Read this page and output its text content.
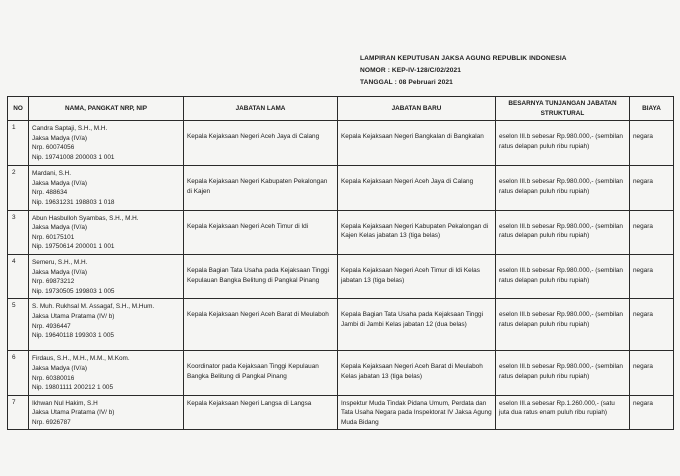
LAMPIRAN KEPUTUSAN JAKSA AGUNG REPUBLIK INDONESIA
NOMOR : KEP-IV-128/C/02/2021
TANGGAL : 08 Pebruari 2021
NO	NAMA, PANGKAT NRP, NIP	JABATAN LAMA	JABATAN BARU	BESARNYA TUNJANGAN JABATAN STRUKTURAL	BIAYA
1	Candra Saptaji, S.H., M.H.
Jaksa Madya (IV/a)
Nrp. 60074056
Nip. 19741008 200003 1 001	Kepala Kejaksaan Negeri Aceh Jaya di Calang	Kepala Kejaksaan Negeri Bangkalan di Bangkalan	eselon III.b sebesar Rp.980.000,- (sembilan ratus delapan puluh ribu rupiah)	negara

2	Mardani, S.H.
Jaksa Madya (IV/a)
Nrp. 488634
Nip. 19631231 198803 1 018	Kepala Kejaksaan Negeri Kabupaten Pekalongan di Kajen	Kepala Kejaksaan Negeri Aceh Jaya di Calang	eselon III.b sebesar Rp.980.000,- (sembilan ratus delapan puluh ribu rupiah)	negara

3	Abun Hasbulloh Syambas, S.H., M.H.
Jaksa Madya (IV/a)
Nrp. 60175101
Nip. 19750614 200001 1 001	Kepala Kejaksaan Negeri Aceh Timur di Idi	Kepala Kejaksaan Negeri Kabupaten Pekalongan di Kajen Kelas jabatan 13 (tiga belas)	eselon III.b sebesar Rp.980.000,- (sembilan ratus delapan puluh ribu rupiah)	negara

4	Semeru, S.H., M.H.
Jaksa Madya (IV/a)
Nrp. 69873212
Nip. 19730505 199803 1 005	Kepala Bagian Tata Usaha pada Kejaksaan Tinggi Kepulauan Bangka Belitung di Pangkal Pinang	Kepala Kejaksaan Negeri Aceh Timur di Idi Kelas jabatan 13 (tiga belas)	eselon III.b sebesar Rp.980.000,- (sembilan ratus delapan puluh ribu rupiah)	negara

5	S. Muh. Rukhsal M. Assagaf, S.H., M.Hum.
Jaksa Utama Pratama (IV/ b)
Nrp. 4936447
Nip. 19640118 199303 1 005	Kepala Kejaksaan Negeri Aceh Barat di Meulaboh	Kepala Bagian Tata Usaha pada Kejaksaan Tinggi Jambi di Jambi Kelas jabatan 12 (dua belas)	eselon III.b sebesar Rp.980.000,- (sembilan ratus delapan puluh ribu rupiah)	negara

6	Firdaus, S.H., M.H., M.M., M.Kom.
Jaksa Madya (IV/a)
Nrp. 60380016
Nip. 19801111 200212 1 005	Koordinator pada Kejaksaan Tinggi Kepulauan Bangka Belitung di Pangkal Pinang	Kepala Kejaksaan Negeri Aceh Barat di Meulaboh Kelas jabatan 13 (tiga belas)	eselon III.b sebesar Rp.980.000,- (sembilan ratus delapan puluh ribu rupiah)	negara

7	Ikhwan Nul Hakim, S.H
Jaksa Utama Pratama (IV/ b)
Nrp. 6926787	Kepala Kejaksaan Negeri Langsa di Langsa	Inspektur Muda Tindak Pidana Umum, Perdata dan Tata Usaha Negara pada Inspektorat IV Jaksa Agung Muda Bidang	eselon III.a sebesar Rp.1.260.000,- (satu juta dua ratus enam puluh ribu rupiah)	negara
